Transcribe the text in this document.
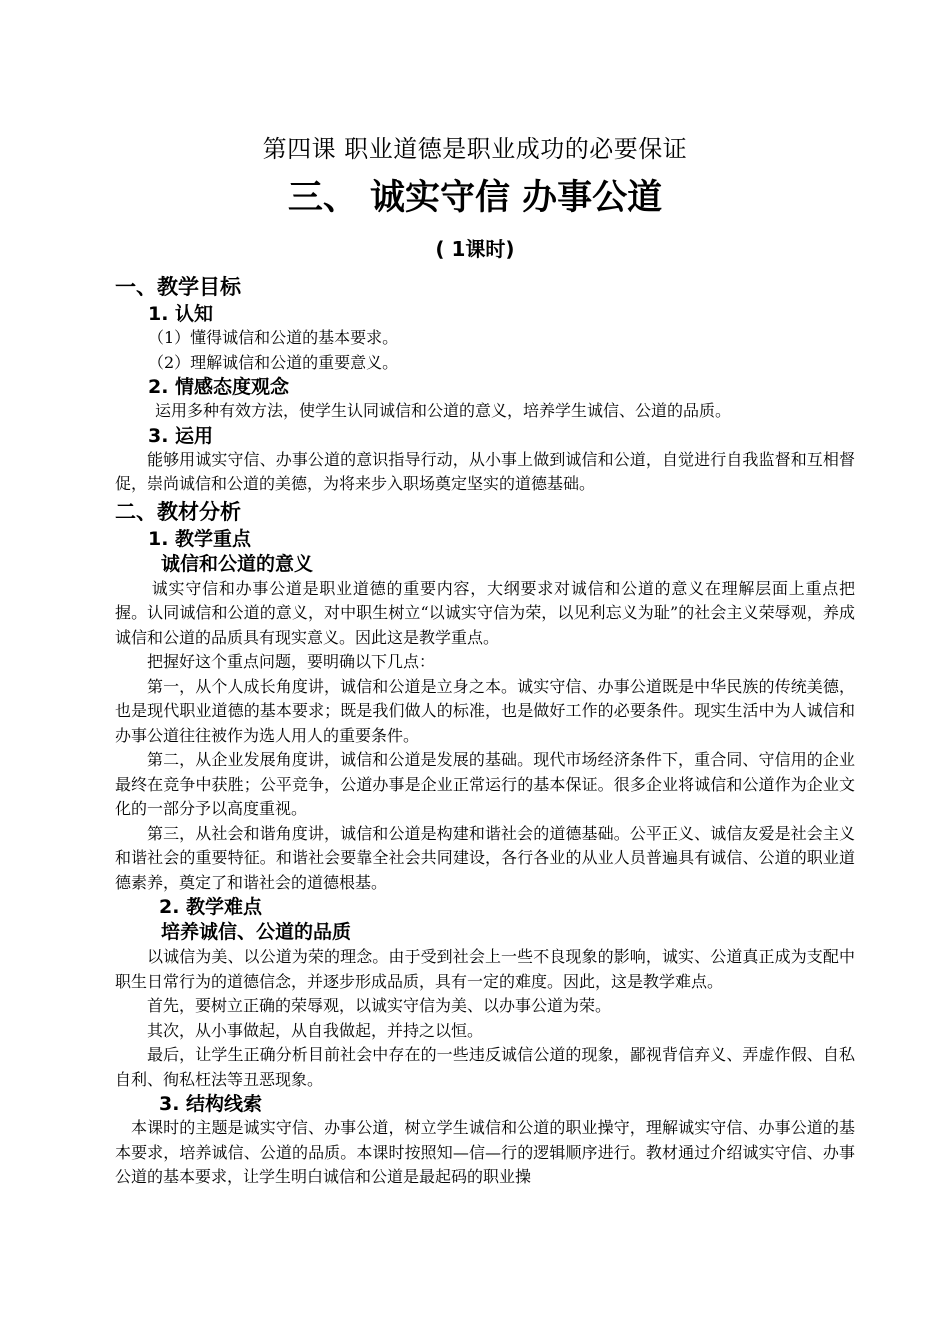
第四课 职业道德是职业成功的必要保证
三、 诚实守信 办事公道
( 1课时)
一、教学目标
1. 认知

（1）懂得诚信和公道的基本要求。

（2）理解诚信和公道的重要意义。

2. 情感态度观念

运用多种有效方法，使学生认同诚信和公道的意义，培养学生诚信、公道的品质。

3. 运用

能够用诚实守信、办事公道的意识指导行动，从小事上做到诚信和公道，自觉进行自我监督和互相督促，崇尚诚信和公道的美德，为将来步入职场奠定坚实的道德基础。

二、教材分析
1. 教学重点
诚信和公道的意义

诚实守信和办事公道是职业道德的重要内容，大纲要求对诚信和公道的意义在理解层面上重点把握。认同诚信和公道的意义，对中职生树立“以诚实守信为荣，以见利忘义为耻”的社会主义荣辱观，养成诚信和公道的品质具有现实意义。因此这是教学重点。

把握好这个重点问题，要明确以下几点：

第一，从个人成长角度讲，诚信和公道是立身之本。诚实守信、办事公道既是中华民族的传统美德，也是现代职业道德的基本要求；既是我们做人的标准，也是做好工作的必要条件。现实生活中为人诚信和办事公道往往被作为选人用人的重要条件。

第二，从企业发展角度讲，诚信和公道是发展的基础。现代市场经济条件下，重合同、守信用的企业最终在竞争中获胜；公平竞争，公道办事是企业正常运行的基本保证。很多企业将诚信和公道作为企业文化的一部分予以高度重视。

第三，从社会和谐角度讲，诚信和公道是构建和谐社会的道德基础。公平正义、诚信友爱是社会主义和谐社会的重要特征。和谐社会要靠全社会共同建设，各行各业的从业人员普遍具有诚信、公道的职业道德素养，奠定了和谐社会的道德根基。

2. 教学难点
培养诚信、公道的品质

以诚信为美、以公道为荣的理念。由于受到社会上一些不良现象的影响，诚实、公道真正成为支配中职生日常行为的道德信念，并逐步形成品质，具有一定的难度。因此，这是教学难点。

首先，要树立正确的荣辱观，以诚实守信为美、以办事公道为荣。

其次，从小事做起，从自我做起，并持之以恒。

最后，让学生正确分析目前社会中存在的一些违反诚信公道的现象，鄙视背信弃义、弄虚作假、自私自利、徇私枉法等丑恶现象。

3. 结构线索

本课时的主题是诚实守信、办事公道，树立学生诚信和公道的职业操守，理解诚实守信、办事公道的基本要求，培养诚信、公道的品质。本课时按照知—信—行的逻辑顺序进行。教材通过介绍诚实守信、办事公道的基本要求，让学生明白诚信和公道是最起码的职业操
